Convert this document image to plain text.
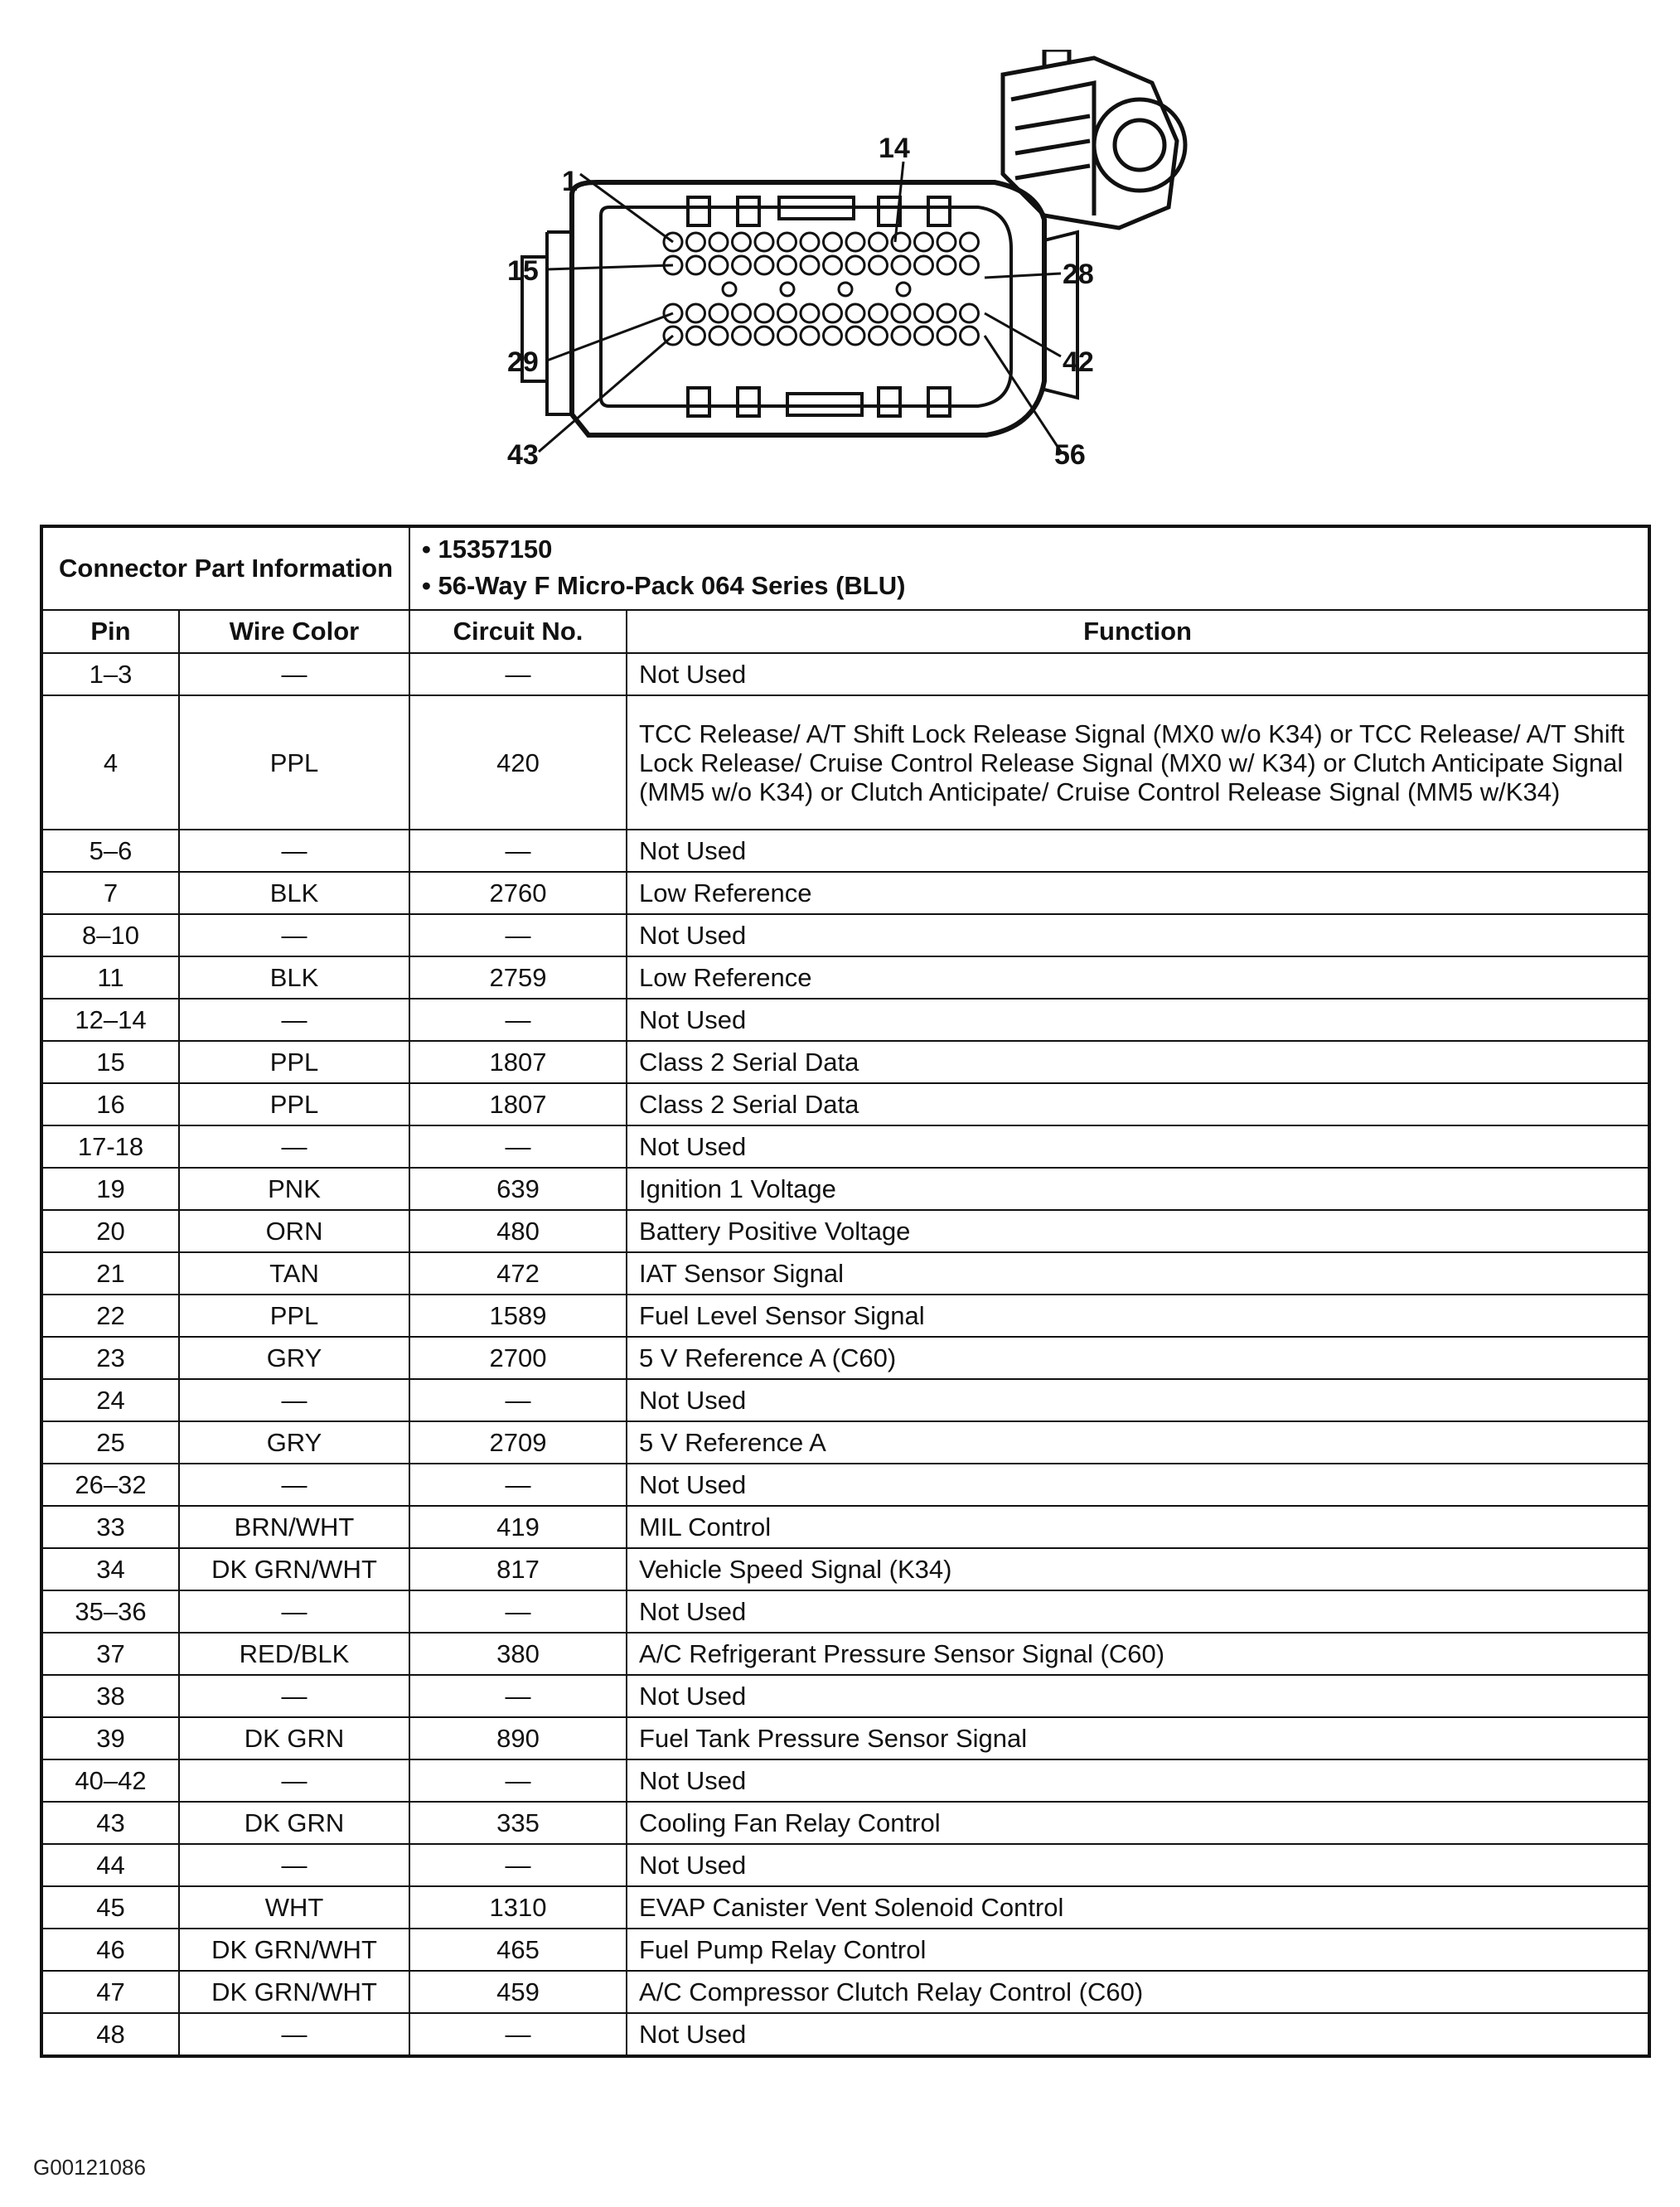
1
14
15	28
29	42
43	56
Connector Part Information		• 15357150
• 56-Way F Micro-Pack 064 Series (BLU)	

Pin	Wire Color	Circuit No.	Function
1–3	—	—	Not Used
4	PPL	420	TCC Release/ A/T Shift Lock Release Signal (MX0 w/o K34) or TCC Release/ A/T Shift Lock Release/ Cruise Control Release Signal (MX0 w/ K34) or Clutch Anticipate Signal (MM5 w/o K34) or Clutch Anticipate/ Cruise Control Release Signal (MM5 w/K34)
5–6	—	—	Not Used
7	BLK	2760	Low Reference
8–10	—	—	Not Used
11	BLK	2759	Low Reference
12–14	—	—	Not Used
15	PPL	1807	Class 2 Serial Data
16	PPL	1807	Class 2 Serial Data
17-18	—	—	Not Used
19	PNK	639	Ignition 1 Voltage
20	ORN	480	Battery Positive Voltage
21	TAN	472	IAT Sensor Signal
22	PPL	1589	Fuel Level Sensor Signal
23	GRY	2700	5 V Reference A (C60)
24	—	—	Not Used
25	GRY	2709	5 V Reference A
26–32	—	—	Not Used
33	BRN/WHT	419	MIL Control
34	DK GRN/WHT	817	Vehicle Speed Signal (K34)
35–36	—	—	Not Used
37	RED/BLK	380	A/C Refrigerant Pressure Sensor Signal (C60)
38	—	—	Not Used
39	DK GRN	890	Fuel Tank Pressure Sensor Signal
40–42	—	—	Not Used
43	DK GRN	335	Cooling Fan Relay Control
44	—	—	Not Used
45	WHT	1310	EVAP Canister Vent Solenoid Control
46	DK GRN/WHT	465	Fuel Pump Relay Control
47	DK GRN/WHT	459	A/C Compressor Clutch Relay Control (C60)
48	—	—	Not Used
G00121086
